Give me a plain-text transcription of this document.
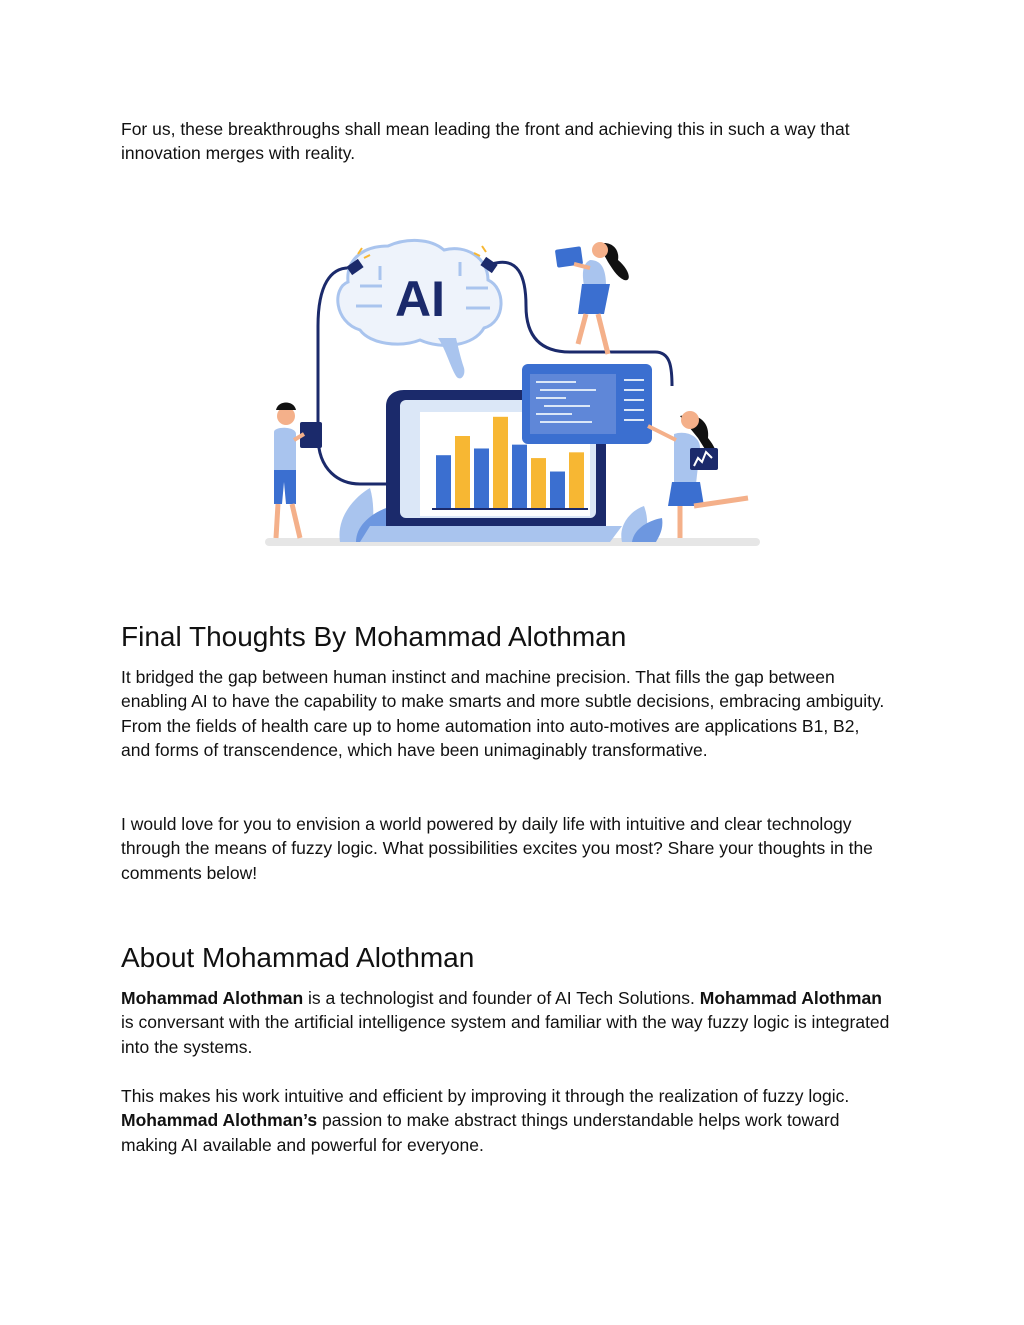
For us, these breakthroughs shall mean leading the front and achieving this in such a way that innovation merges with reality.

AI
Final Thoughts By Mohammad Alothman

It bridged the gap between human instinct and machine precision. That fills the gap between enabling AI to have the capability to make smarts and more subtle decisions, embracing ambiguity. From the fields of health care up to home automation into auto-motives are applications B1, B2, and forms of transcendence, which have been unimaginably transformative.

I would love for you to envision a world powered by daily life with intuitive and clear technology through the means of fuzzy logic. What possibilities excites you most? Share your thoughts in the comments below!

About Mohammad Alothman

Mohammad Alothman is a technologist and founder of AI Tech Solutions. Mohammad Alothman is conversant with the artificial intelligence system and familiar with the way fuzzy logic is integrated into the systems.

This makes his work intuitive and efficient by improving it through the realization of fuzzy logic. Mohammad Alothman’s passion to make abstract things understandable helps work toward making AI available and powerful for everyone.
